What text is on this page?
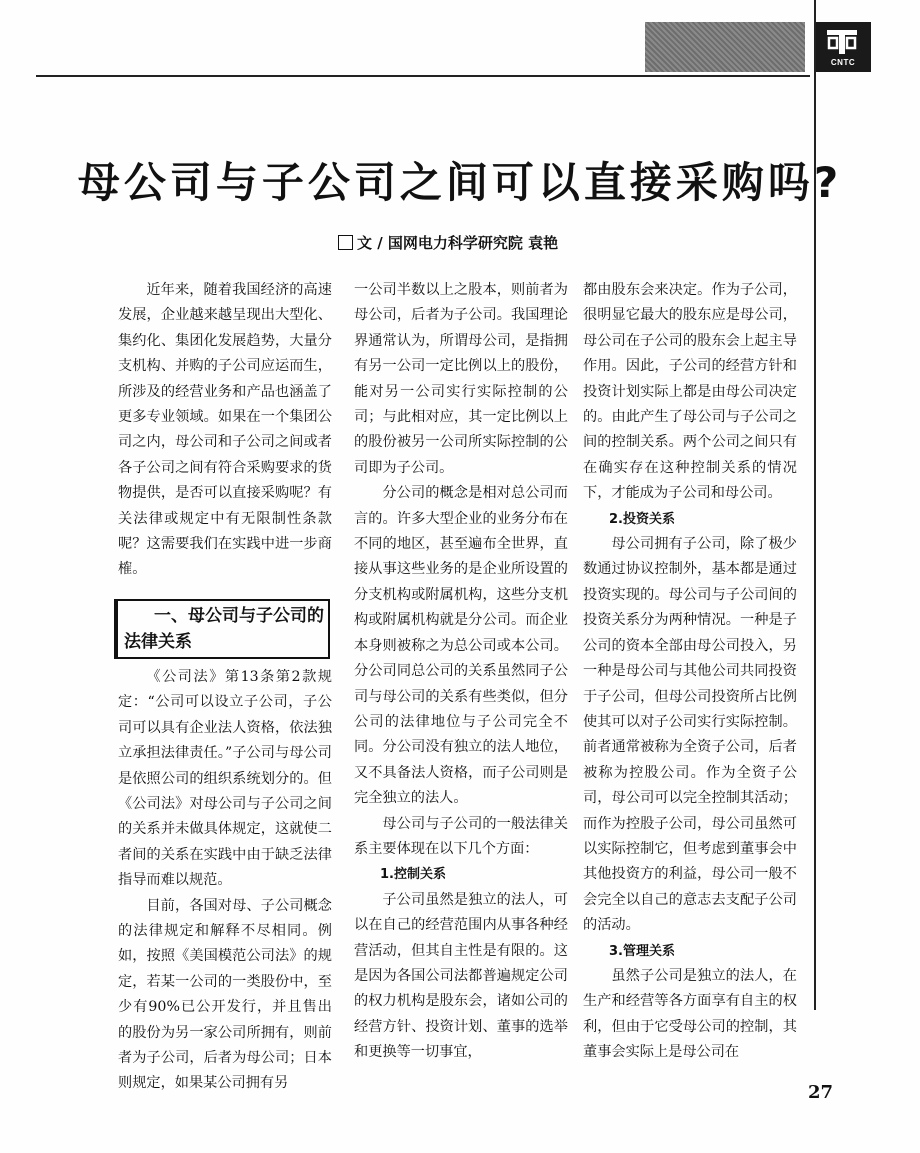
CNTC
母公司与子公司之间可以直接采购吗?
文 / 国网电力科学研究院 袁艳

近年来，随着我国经济的高速发展，企业越来越呈现出大型化、集约化、集团化发展趋势，大量分支机构、并购的子公司应运而生，所涉及的经营业务和产品也涵盖了更多专业领域。如果在一个集团公司之内，母公司和子公司之间或者各子公司之间有符合采购要求的货物提供，是否可以直接采购呢？有关法律或规定中有无限制性条款呢？这需要我们在实践中进一步商榷。

一、母公司与子公司的
法律关系

《公司法》第13条第2款规定：“公司可以设立子公司，子公司可以具有企业法人资格，依法独立承担法律责任。”子公司与母公司是依照公司的组织系统划分的。但《公司法》对母公司与子公司之间的关系并未做具体规定，这就使二者间的关系在实践中由于缺乏法律指导而难以规范。

目前，各国对母、子公司概念的法律规定和解释不尽相同。例如，按照《美国模范公司法》的规定，若某一公司的一类股份中，至少有90%已公开发行，并且售出的股份为另一家公司所拥有，则前者为子公司，后者为母公司；日本则规定，如果某公司拥有另

一公司半数以上之股本，则前者为母公司，后者为子公司。我国理论界通常认为，所谓母公司，是指拥有另一公司一定比例以上的股份，能对另一公司实行实际控制的公司；与此相对应，其一定比例以上的股份被另一公司所实际控制的公司即为子公司。

分公司的概念是相对总公司而言的。许多大型企业的业务分布在不同的地区，甚至遍布全世界，直接从事这些业务的是企业所设置的分支机构或附属机构，这些分支机构或附属机构就是分公司。而企业本身则被称之为总公司或本公司。分公司同总公司的关系虽然同子公司与母公司的关系有些类似，但分公司的法律地位与子公司完全不同。分公司没有独立的法人地位，又不具备法人资格，而子公司则是完全独立的法人。

母公司与子公司的一般法律关系主要体现在以下几个方面：

1.控制关系

子公司虽然是独立的法人，可以在自己的经营范围内从事各种经营活动，但其自主性是有限的。这是因为各国公司法都普遍规定公司的权力机构是股东会，诸如公司的经营方针、投资计划、董事的选举和更换等一切事宜，

都由股东会来决定。作为子公司，很明显它最大的股东应是母公司，母公司在子公司的股东会上起主导作用。因此，子公司的经营方针和投资计划实际上都是由母公司决定的。由此产生了母公司与子公司之间的控制关系。两个公司之间只有在确实存在这种控制关系的情况下，才能成为子公司和母公司。

2.投资关系

母公司拥有子公司，除了极少数通过协议控制外，基本都是通过投资实现的。母公司与子公司间的投资关系分为两种情况。一种是子公司的资本全部由母公司投入，另一种是母公司与其他公司共同投资于子公司，但母公司投资所占比例使其可以对子公司实行实际控制。前者通常被称为全资子公司，后者被称为控股公司。作为全资子公司，母公司可以完全控制其活动；而作为控股子公司，母公司虽然可以实际控制它，但考虑到董事会中其他投资方的利益，母公司一般不会完全以自己的意志去支配子公司的活动。

3.管理关系

虽然子公司是独立的法人，在生产和经营等各方面享有自主的权利，但由于它受母公司的控制，其董事会实际上是母公司在

27
